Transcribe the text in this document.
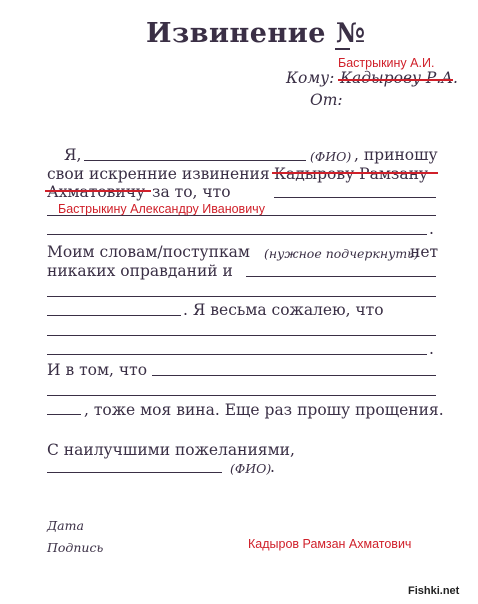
Извинение №
Бастрыкину А.И.
Кому: Кадырову Р.А.
От:
Я,	(ФИО) , приношу
свои искренние извинения Кадырову Рамзану
Ахматовичу за то, что
Бастрыкину Александру Ивановичу
.
Моим словам/поступкам (нужное подчеркнуть)
нет
никаких оправданий и
. Я весьма сожалею, что
.
И в том, что
, тоже моя вина. Еще раз прошу прощения.
С наилучшими пожеланиями,
(ФИО)
.
Дата
Подпись	Кадыров Рамзан Ахматович
Fishki.net
